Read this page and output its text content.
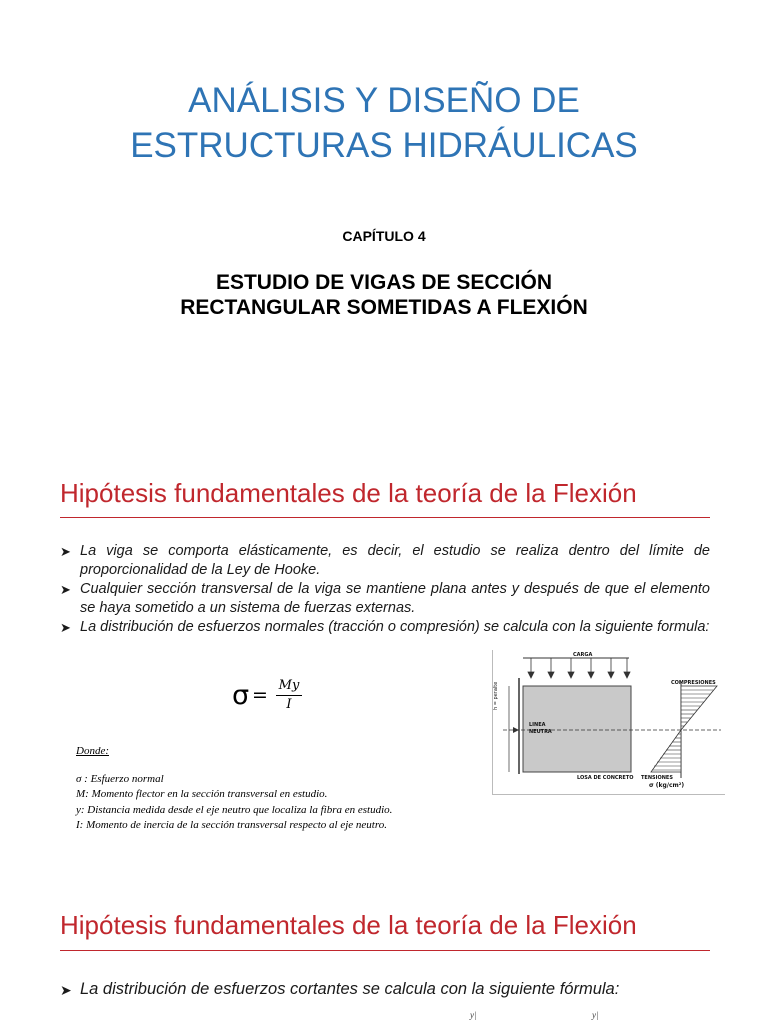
ANÁLISIS Y DISEÑO DE
ESTRUCTURAS HIDRÁULICAS
CAPÍTULO 4
ESTUDIO DE VIGAS DE SECCIÓN
RECTANGULAR SOMETIDAS A FLEXIÓN
Hipótesis fundamentales de la teoría de la Flexión
➤ La viga se comporta elásticamente, es decir, el estudio se realiza dentro del límite de proporcionalidad de la Ley de Hooke.
➤ Cualquier sección transversal de la viga se mantiene plana antes y después de que el elemento se haya sometido a un sistema de fuerzas externas.
➤ La distribución de esfuerzos normales (tracción o compresión) se calcula con la siguiente formula:
σ = My
I
Donde:
σ : Esfuerzo normal
M: Momento flector en la sección transversal en estudio.
y: Distancia medida desde el eje neutro que localiza la fibra en estudio.
I: Momento de inercia de la sección transversal respecto al eje neutro.
CARGA
COMPRESIONES
LINEA
NEUTRA
LOSA DE CONCRETO TENSIONES
σ (kg/cm²)
h = peralte
Hipótesis fundamentales de la teoría de la Flexión
➤ La distribución de esfuerzos cortantes se calcula con la siguiente fórmula:
y|	y|
